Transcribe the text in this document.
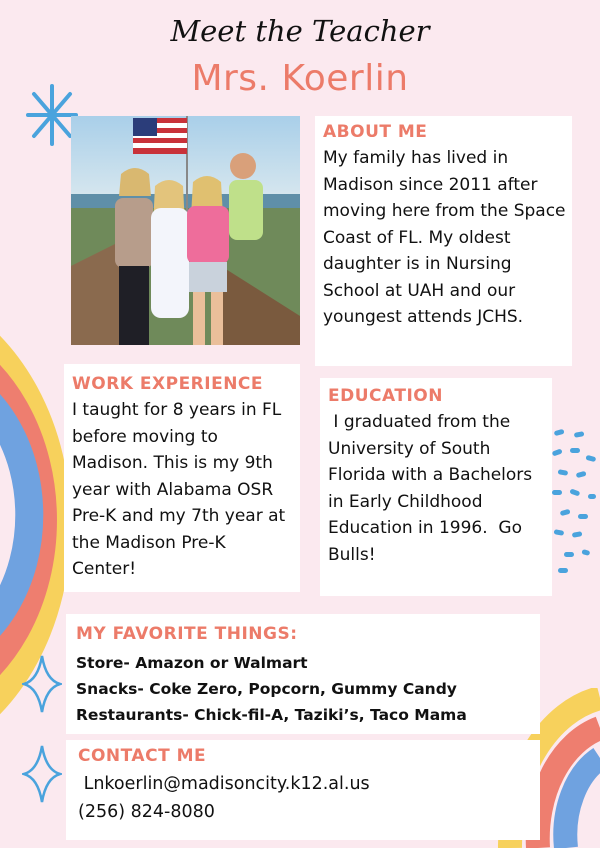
Meet the Teacher
Mrs. Koerlin
ABOUT ME
My family has lived in Madison since 2011 after moving here from the Space Coast of FL. My oldest daughter is in Nursing School at UAH and our youngest attends JCHS.
WORK EXPERIENCE
I taught for 8 years in FL before moving to Madison. This is my 9th year with Alabama OSR Pre-K and my 7th year at the Madison Pre-K Center!
EDUCATION
I graduated from the University of South Florida with a Bachelors in Early Childhood Education in 1996.  Go Bulls!
MY FAVORITE THINGS:
Store- Amazon or Walmart
Snacks- Coke Zero, Popcorn, Gummy Candy
Restaurants- Chick-fil-A, Taziki’s, Taco Mama
CONTACT ME
Lnkoerlin@madisoncity.k12.al.us
(256) 824-8080
